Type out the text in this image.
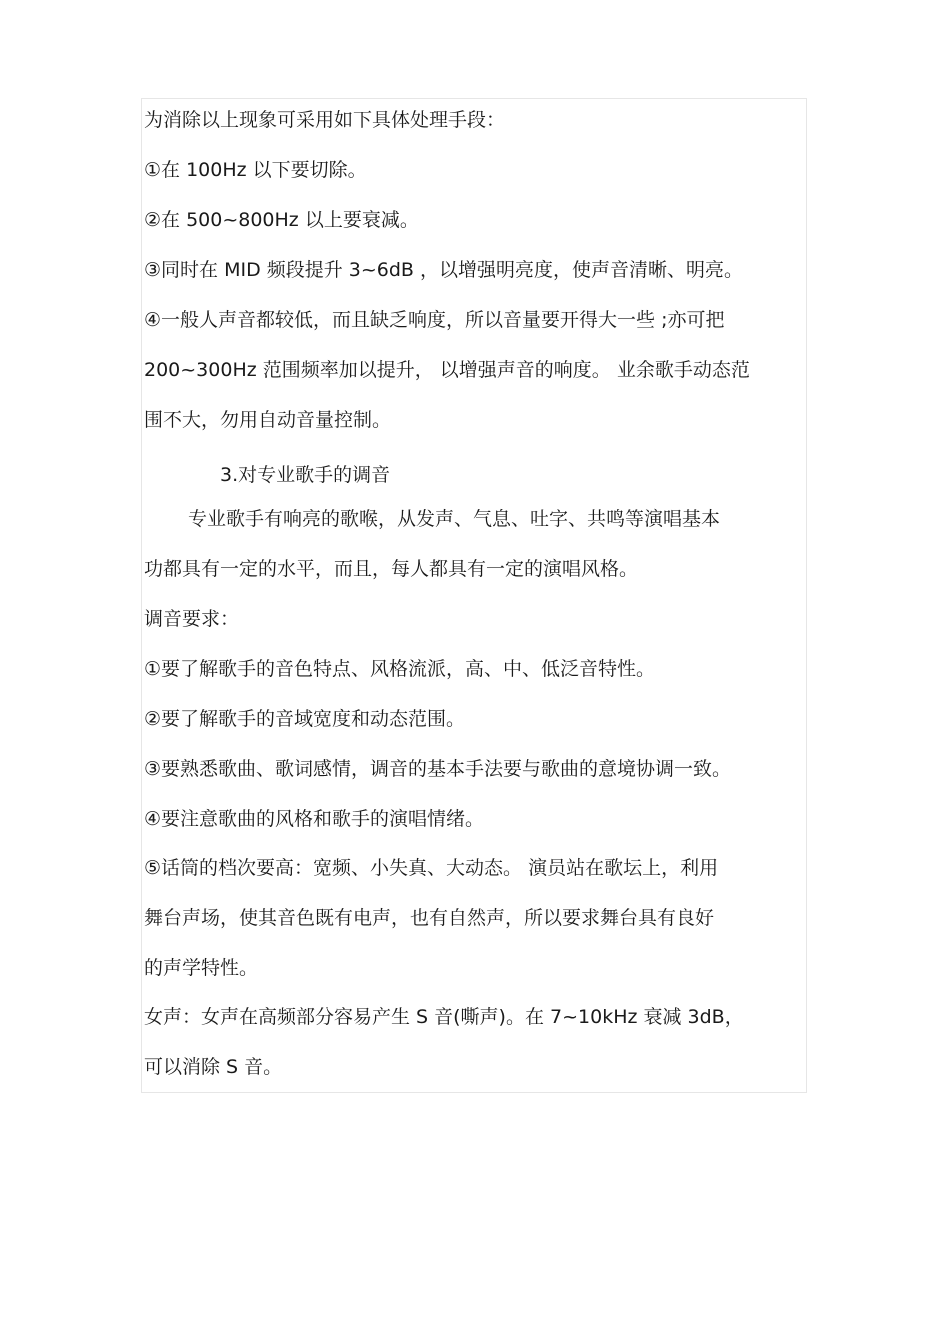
为消除以上现象可采用如下具体处理手段：
①在 100Hz 以下要切除。
②在 500~800Hz 以上要衰减。
③同时在 MID 频段提升 3~6dB ，以增强明亮度，使声音清晰、明亮。
④一般人声音都较低，而且缺乏响度，所以音量要开得大一些 ;亦可把
200~300Hz 范围频率加以提升， 以增强声音的响度。 业余歌手动态范
围不大，勿用自动音量控制。
3.对专业歌手的调音
专业歌手有响亮的歌喉，从发声、气息、吐字、共鸣等演唱基本
功都具有一定的水平，而且，每人都具有一定的演唱风格。
调音要求：
①要了解歌手的音色特点、风格流派，高、中、低泛音特性。
②要了解歌手的音域宽度和动态范围。
③要熟悉歌曲、歌词感情，调音的基本手法要与歌曲的意境协调一致。
④要注意歌曲的风格和歌手的演唱情绪。
⑤话筒的档次要高：宽频、小失真、大动态。 演员站在歌坛上，利用
舞台声场，使其音色既有电声，也有自然声，所以要求舞台具有良好
的声学特性。
女声：女声在高频部分容易产生 S 音(嘶声)。在 7~10kHz 衰减 3dB，
可以消除 S 音。
